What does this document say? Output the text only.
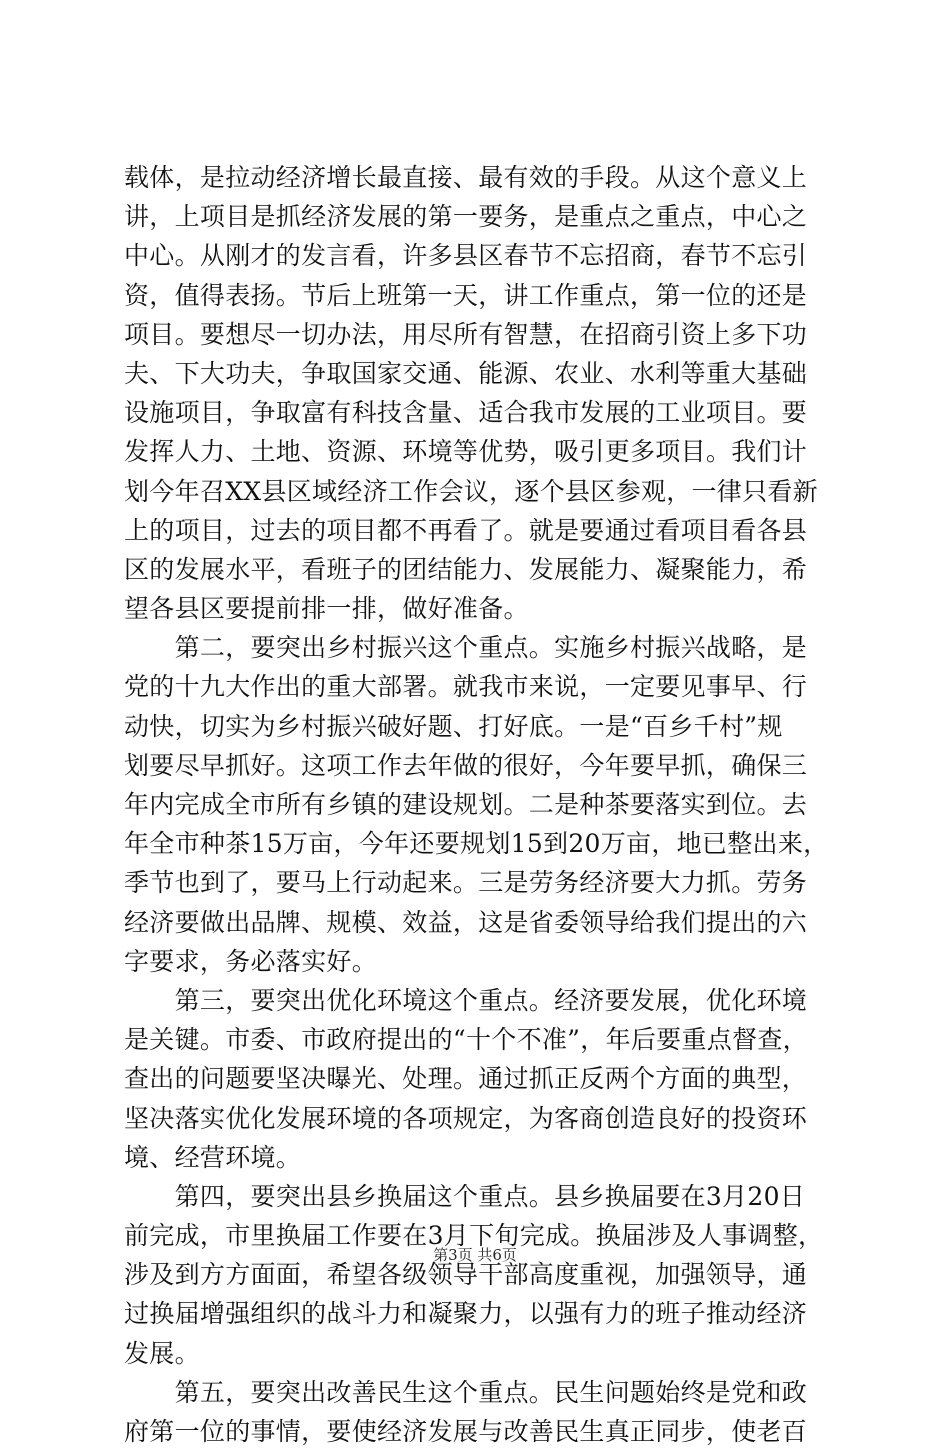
载体，是拉动经济增长最直接、最有效的手段。从这个意义上
讲，上项目是抓经济发展的第一要务，是重点之重点，中心之
中心。从刚才的发言看，许多县区春节不忘招商，春节不忘引
资，值得表扬。节后上班第一天，讲工作重点，第一位的还是
项目。要想尽一切办法，用尽所有智慧，在招商引资上多下功
夫、下大功夫，争取国家交通、能源、农业、水利等重大基础
设施项目，争取富有科技含量、适合我市发展的工业项目。要
发挥人力、土地、资源、环境等优势，吸引更多项目。我们计
划今年召XX县区域经济工作会议，逐个县区参观，一律只看新
上的项目，过去的项目都不再看了。就是要通过看项目看各县
区的发展水平，看班子的团结能力、发展能力、凝聚能力，希
望各县区要提前排一排，做好准备。
　　第二，要突出乡村振兴这个重点。实施乡村振兴战略，是
党的十九大作出的重大部署。就我市来说，一定要见事早、行
动快，切实为乡村振兴破好题、打好底。一是“百乡千村”规
划要尽早抓好。这项工作去年做的很好，今年要早抓，确保三
年内完成全市所有乡镇的建设规划。二是种茶要落实到位。去
年全市种茶15万亩，今年还要规划15到20万亩，地已整出来，
季节也到了，要马上行动起来。三是劳务经济要大力抓。劳务
经济要做出品牌、规模、效益，这是省委领导给我们提出的六
字要求，务必落实好。
　　第三，要突出优化环境这个重点。经济要发展，优化环境
是关键。市委、市政府提出的“十个不准”，年后要重点督查，
查出的问题要坚决曝光、处理。通过抓正反两个方面的典型，
坚决落实优化发展环境的各项规定，为客商创造良好的投资环
境、经营环境。
　　第四，要突出县乡换届这个重点。县乡换届要在3月20日
前完成，市里换届工作要在3月下旬完成。换届涉及人事调整，
涉及到方方面面，希望各级领导干部高度重视，加强领导，通
过换届增强组织的战斗力和凝聚力，以强有力的班子推动经济
发展。
　　第五，要突出改善民生这个重点。民生问题始终是党和政
府第一位的事情，要使经济发展与改善民生真正同步，使老百
第3页 共6页
